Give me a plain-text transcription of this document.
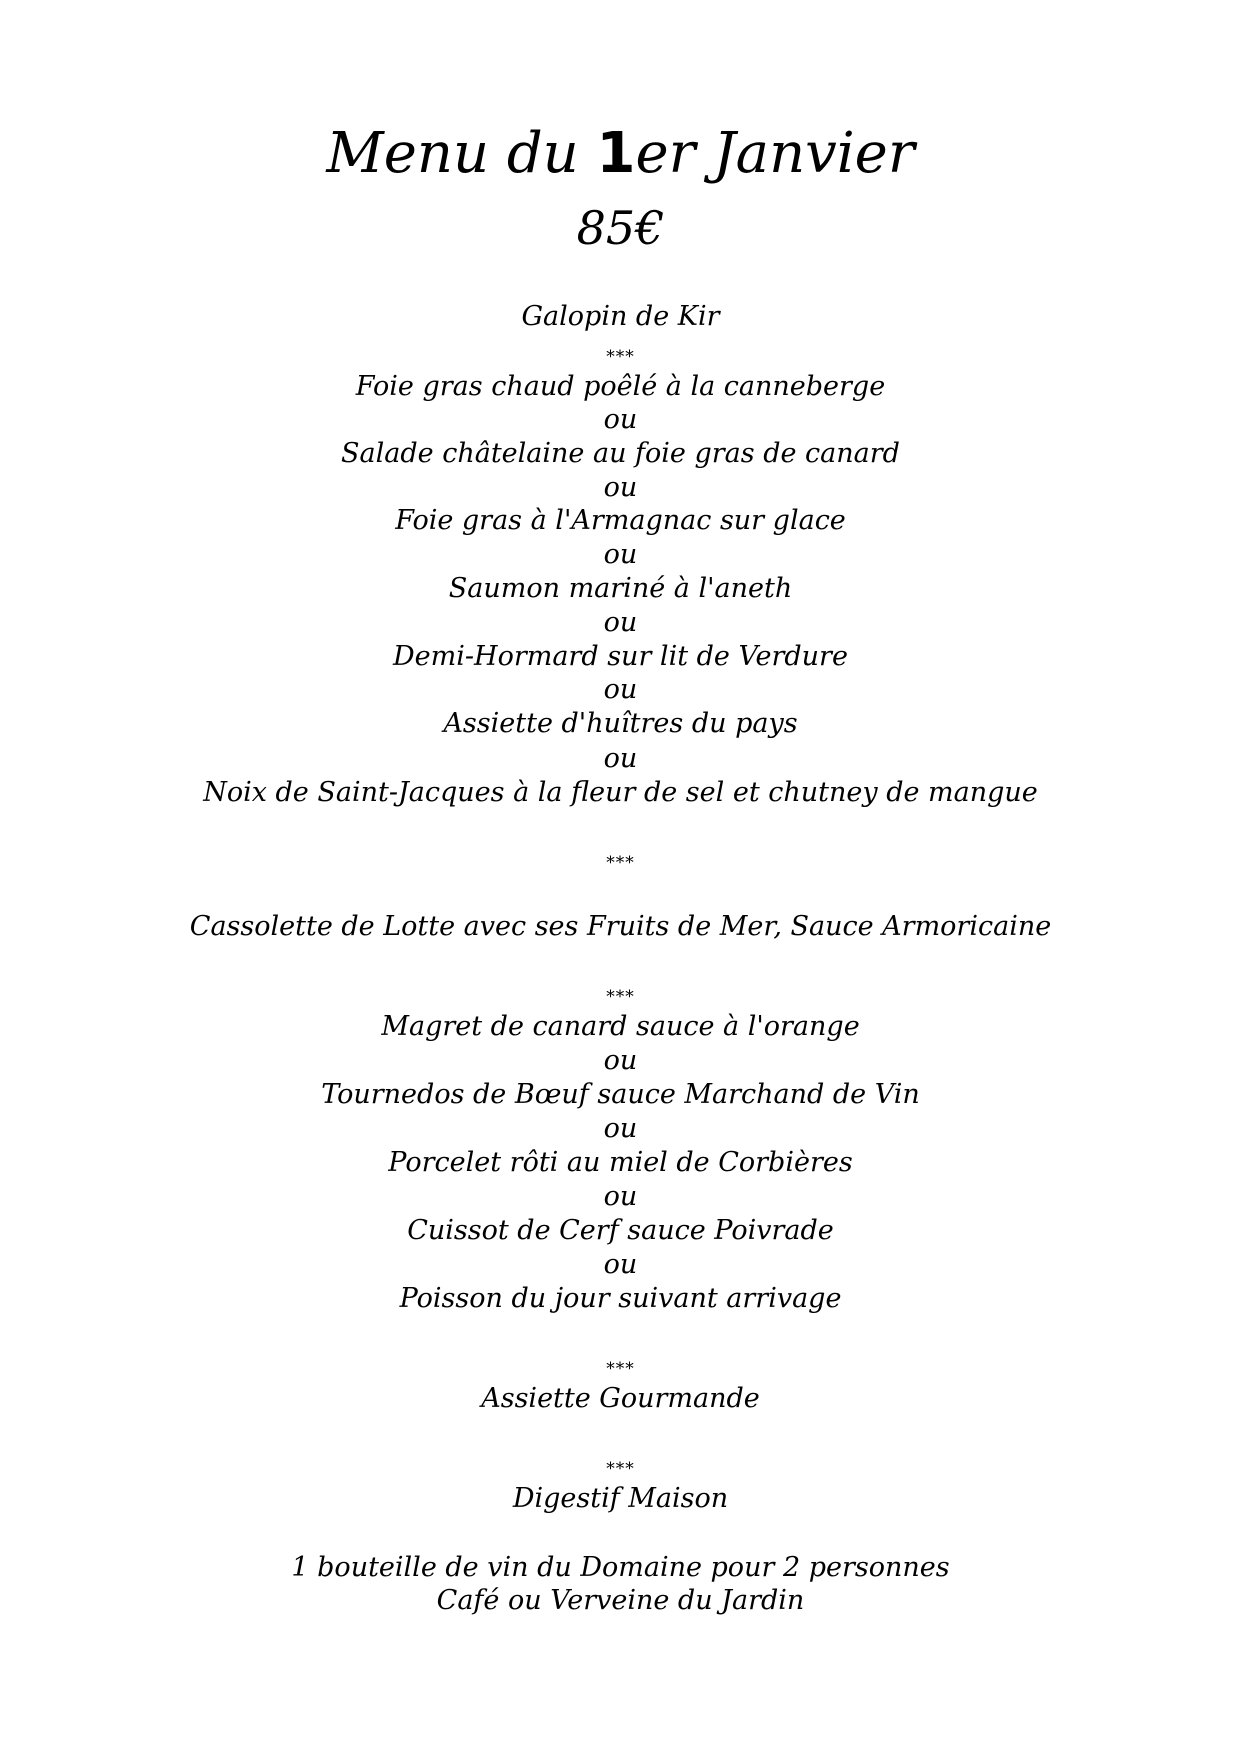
Menu du 1er Janvier
85€
Galopin de Kir
***
Foie gras chaud poêlé à la canneberge
ou
Salade châtelaine au foie gras de canard
ou
Foie gras à l'Armagnac sur glace
ou
Saumon mariné à l'aneth
ou
Demi-Hormard sur lit de Verdure
ou
Assiette d'huîtres du pays
ou
Noix de Saint-Jacques à la fleur de sel et chutney de mangue
***
Cassolette de Lotte avec ses Fruits de Mer, Sauce Armoricaine
***
Magret de canard sauce à l'orange
ou
Tournedos de Bœuf sauce Marchand de Vin
ou
Porcelet rôti au miel de Corbières
ou
Cuissot de Cerf sauce Poivrade
ou
Poisson du jour suivant arrivage
***
Assiette Gourmande
***
Digestif Maison
1 bouteille de vin du Domaine pour 2 personnes
Café ou Verveine du Jardin
